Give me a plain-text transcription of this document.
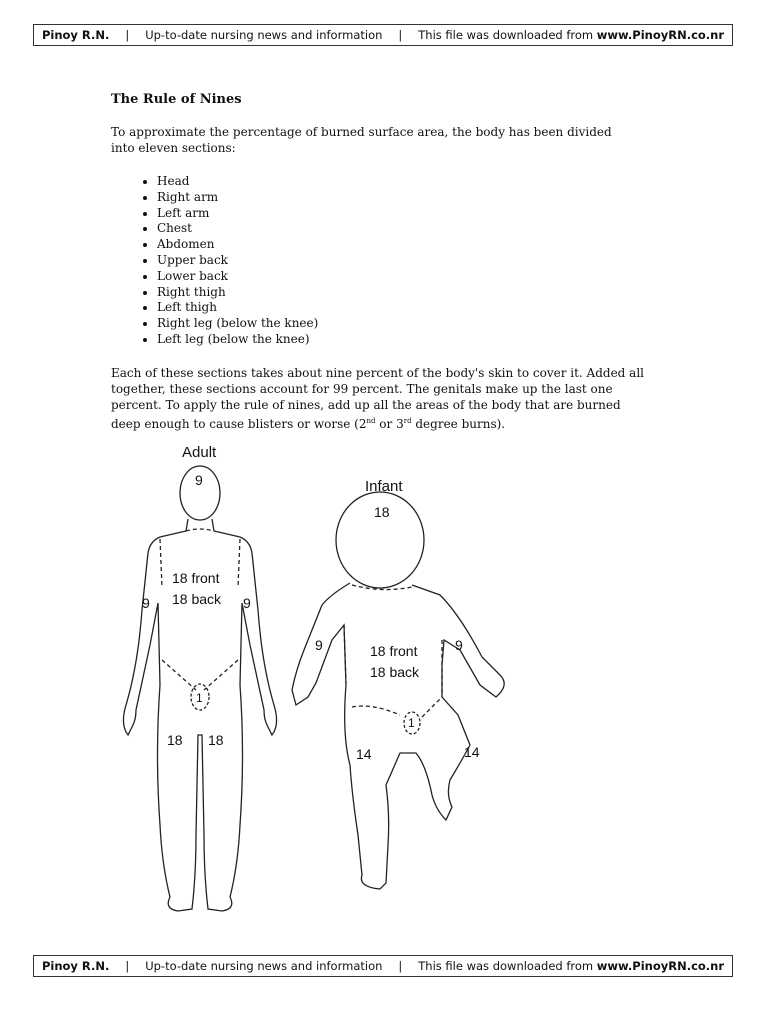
Pinoy R.N. | Up-to-date nursing news and information | This file was downloaded from
www.PinoyRN.co.nr
The Rule of Nines
To approximate the percentage of burned surface area, the body has been divided into eleven sections:
• Head
• Right arm
• Left arm
• Chest
• Abdomen
• Upper back
• Lower back
• Right thigh
• Left thigh
• Right leg (below the knee)
• Left leg (below the knee)
Each of these sections takes about nine percent of the body's skin to cover it. Added all together, these sections account for 99 percent. The genitals make up the last one percent. To apply the rule of nines, add up all the areas of the body that are burned deep enough to cause blisters or worse (2nd or 3rd degree burns).
Adult
9
18 front
18 back
9	9
1
18 18
Infant
18
18 front
18 back
9	9
1
14	14
Pinoy R.N. | Up-to-date nursing news and information | This file was downloaded from
www.PinoyRN.co.nr
